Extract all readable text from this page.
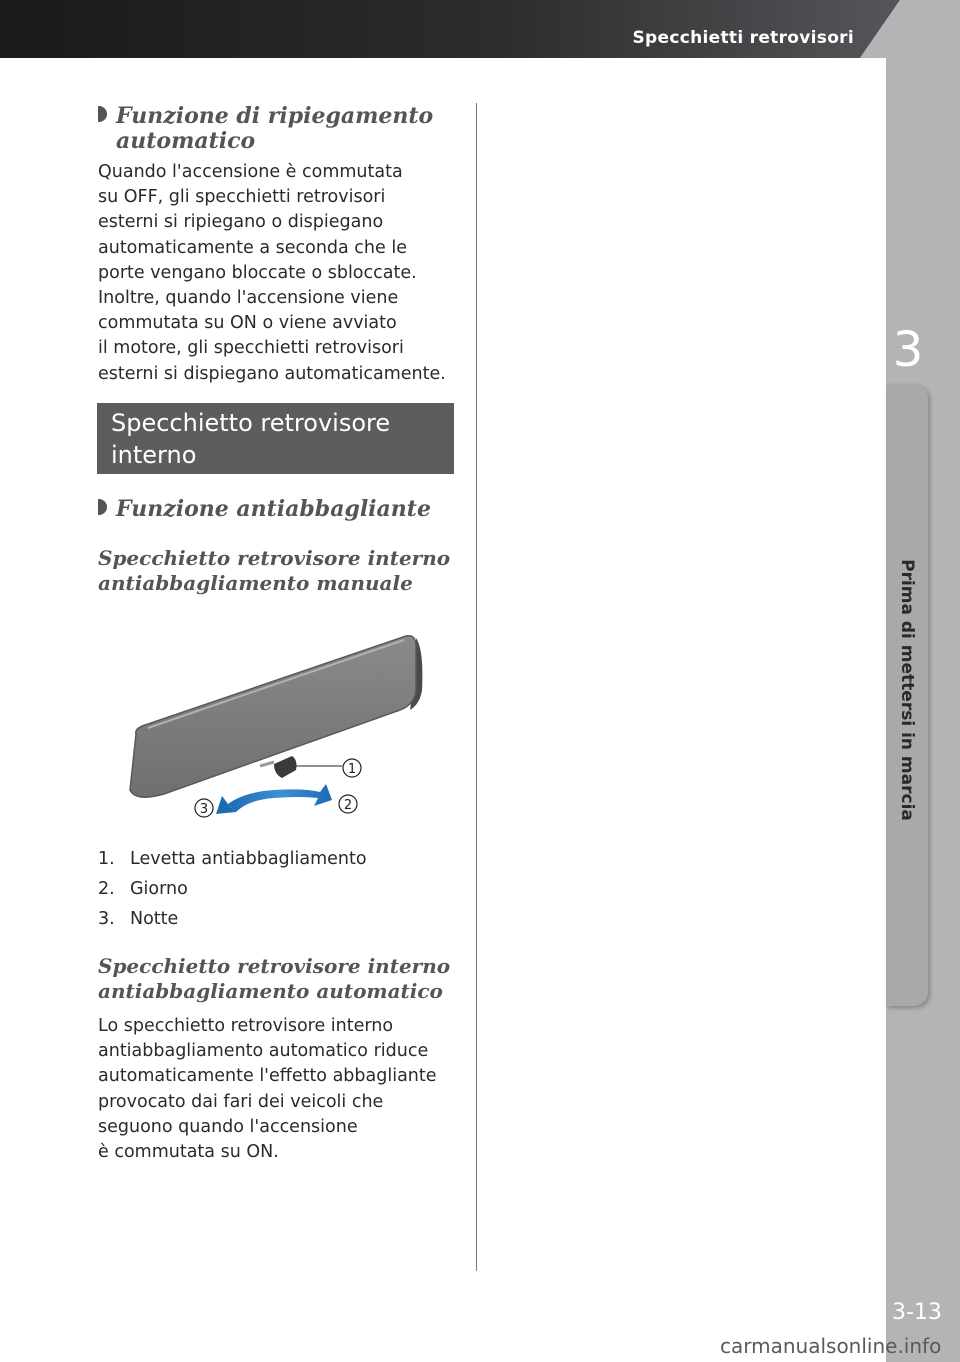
Specchietti retrovisori
3
Prima di mettersi in marcia
3-13
carmanualsonline.info
Funzione di ripiegamento
automatico
Quando l'accensione è commutata
su OFF, gli specchietti retrovisori
esterni si ripiegano o dispiegano
automaticamente a seconda che le
porte vengano bloccate o sbloccate.
Inoltre, quando l'accensione viene
commutata su ON o viene avviato
il motore, gli specchietti retrovisori
esterni si dispiegano automaticamente.
Specchietto retrovisore
interno
Funzione antiabbagliante
Specchietto retrovisore interno
antiabbagliamento manuale
1
2
3
1. Levetta antiabbagliamento
2. Giorno
3. Notte
Specchietto retrovisore interno
antiabbagliamento automatico
Lo specchietto retrovisore interno
antiabbagliamento automatico riduce
automaticamente l'effetto abbagliante
provocato dai fari dei veicoli che
seguono quando l'accensione
è commutata su ON.
